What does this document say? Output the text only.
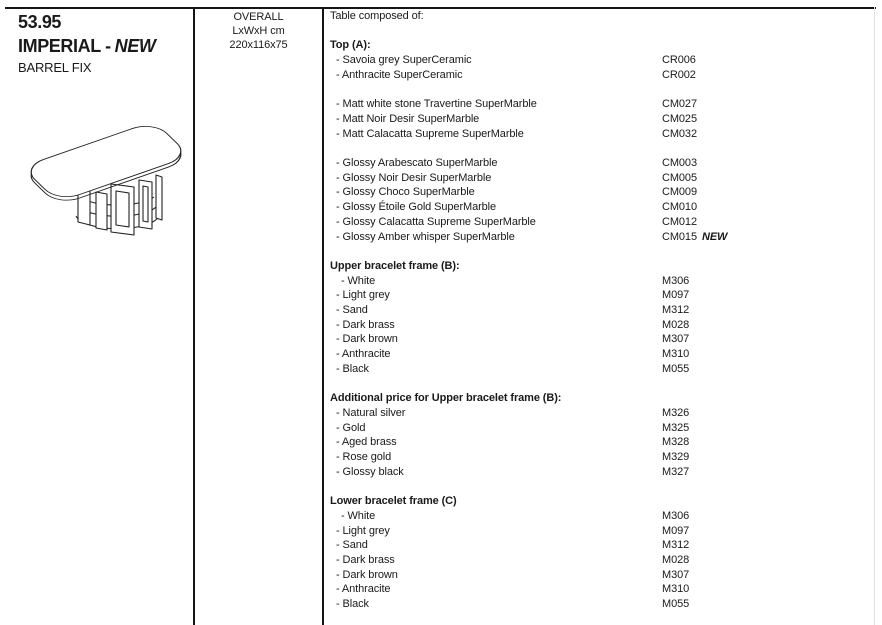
53.95
IMPERIAL - NEW
BARREL FIX
OVERALL
LxWxH cm
220x116x75
Table composed of:
Top (A):
- Savoia grey SuperCeramic	CR006
- Anthracite SuperCeramic	CR002
- Matt white stone Travertine SuperMarble	CM027
- Matt Noir Desir SuperMarble	CM025
- Matt Calacatta Supreme SuperMarble	CM032
- Glossy Arabescato SuperMarble	CM003
- Glossy Noir Desir SuperMarble	CM005
- Glossy Choco SuperMarble	CM009
- Glossy Étoile Gold SuperMarble	CM010
- Glossy Calacatta Supreme SuperMarble	CM012
- Glossy Amber whisper SuperMarble	CM015 NEW
Upper bracelet frame (B):
- White	M306
- Light grey	M097
- Sand	M312
- Dark brass	M028
- Dark brown	M307
- Anthracite	M310
- Black	M055
Additional price for Upper bracelet frame (B):
- Natural silver	M326
- Gold	M325
- Aged brass	M328
- Rose gold	M329
- Glossy black	M327
Lower bracelet frame (C)
- White	M306
- Light grey	M097
- Sand	M312
- Dark brass	M028
- Dark brown	M307
- Anthracite	M310
- Black	M055
